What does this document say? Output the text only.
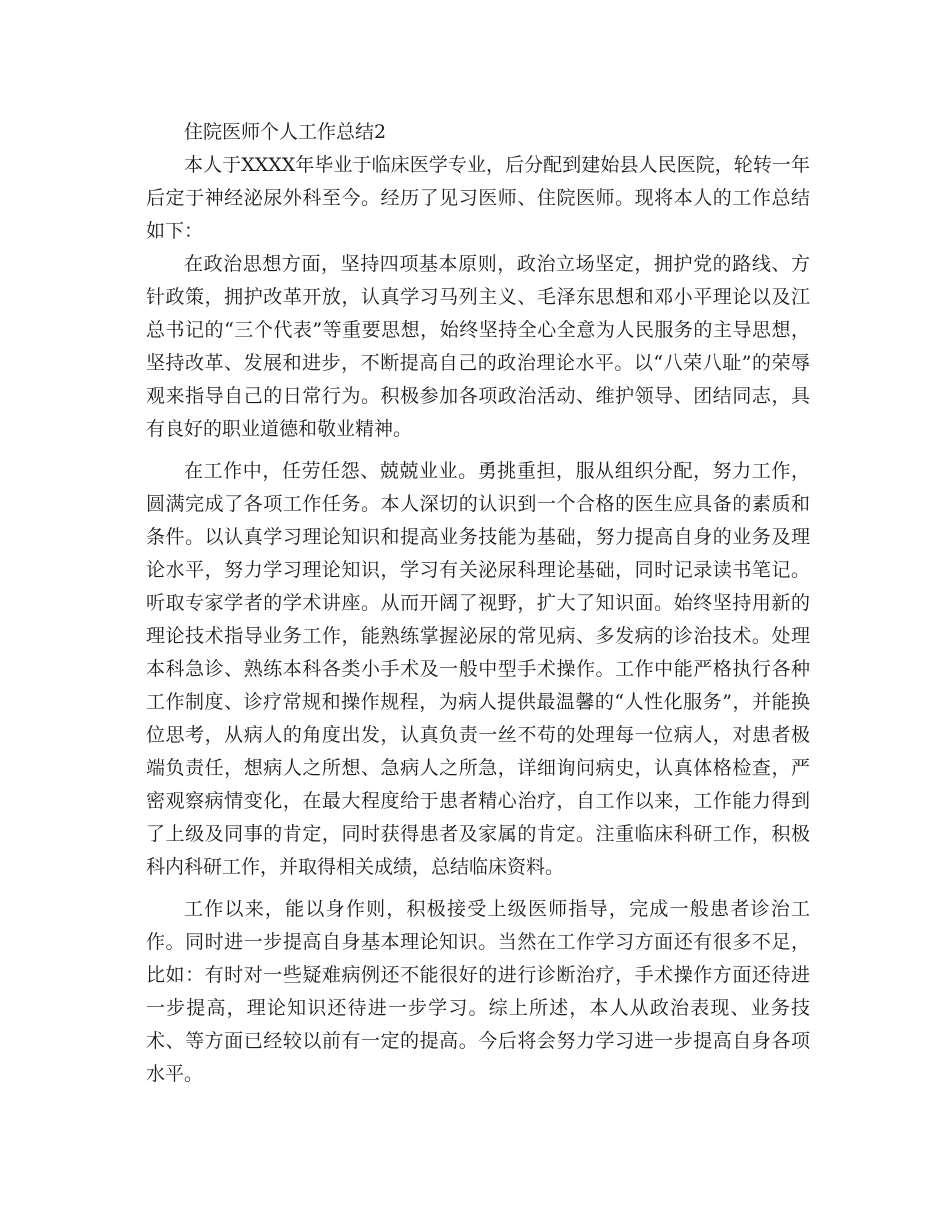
住院医师个人工作总结2

本人于XXXX年毕业于临床医学专业，后分配到建始县人民医院，轮转一年后定于神经泌尿外科至今。经历了见习医师、住院医师。现将本人的工作总结如下：

在政治思想方面，坚持四项基本原则，政治立场坚定，拥护党的路线、方针政策，拥护改革开放，认真学习马列主义、毛泽东思想和邓小平理论以及江总书记的“三个代表”等重要思想，始终坚持全心全意为人民服务的主导思想，坚持改革、发展和进步，不断提高自己的政治理论水平。以“八荣八耻”的荣辱观来指导自己的日常行为。积极参加各项政治活动、维护领导、团结同志，具有良好的职业道德和敬业精神。

在工作中，任劳任怨、兢兢业业。勇挑重担，服从组织分配，努力工作，圆满完成了各项工作任务。本人深切的认识到一个合格的医生应具备的素质和条件。以认真学习理论知识和提高业务技能为基础，努力提高自身的业务及理论水平，努力学习理论知识，学习有关泌尿科理论基础，同时记录读书笔记。听取专家学者的学术讲座。从而开阔了视野，扩大了知识面。始终坚持用新的理论技术指导业务工作，能熟练掌握泌尿的常见病、多发病的诊治技术。处理本科急诊、熟练本科各类小手术及一般中型手术操作。工作中能严格执行各种工作制度、诊疗常规和操作规程，为病人提供最温馨的“人性化服务”，并能换位思考，从病人的角度出发，认真负责一丝不苟的处理每一位病人，对患者极端负责任，想病人之所想、急病人之所急，详细询问病史，认真体格检查，严密观察病情变化，在最大程度给于患者精心治疗，自工作以来，工作能力得到了上级及同事的肯定，同时获得患者及家属的肯定。注重临床科研工作，积极科内科研工作，并取得相关成绩，总结临床资料。

工作以来，能以身作则，积极接受上级医师指导，完成一般患者诊治工作。同时进一步提高自身基本理论知识。当然在工作学习方面还有很多不足，比如：有时对一些疑难病例还不能很好的进行诊断治疗，手术操作方面还待进一步提高，理论知识还待进一步学习。综上所述，本人从政治表现、业务技术、等方面已经较以前有一定的提高。今后将会努力学习进一步提高自身各项水平。
